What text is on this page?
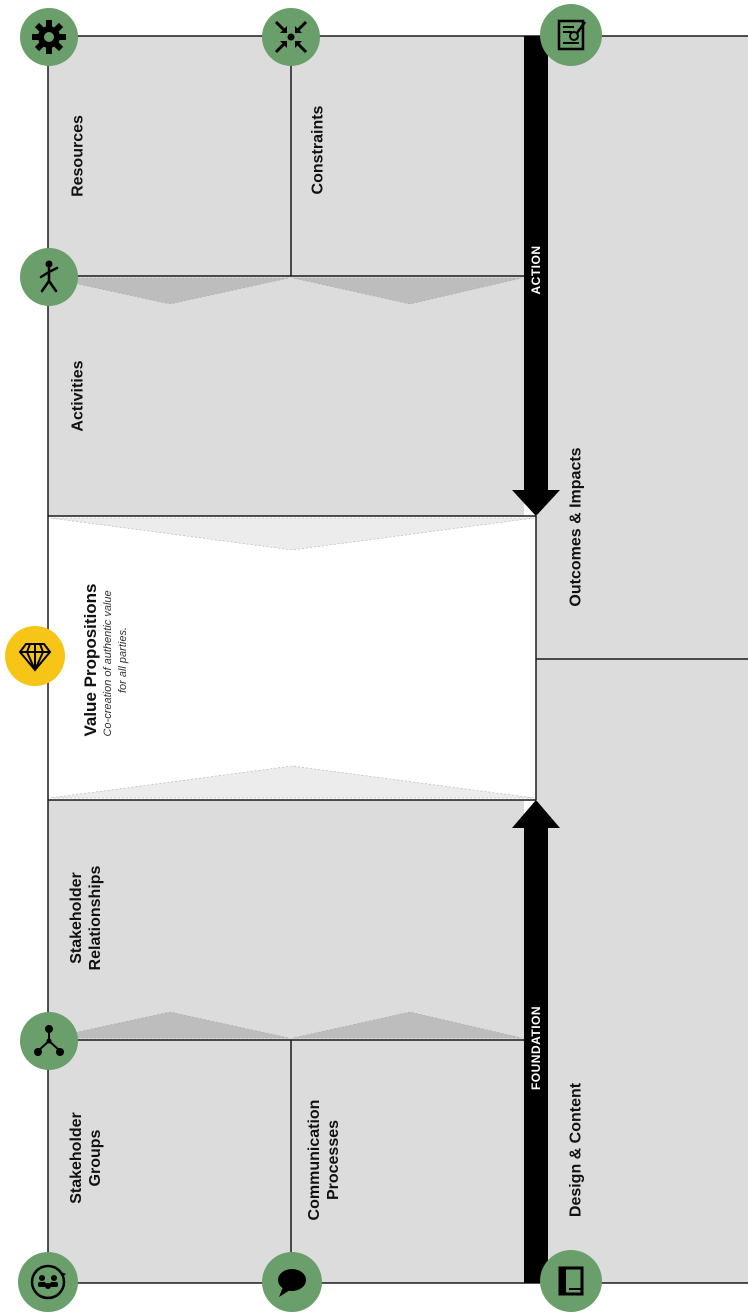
ACTION
FOUNDATION
Resources	Constraints
Activities
Value Propositions Co-creation of authentic value for all parties.
Stakeholder Relationships
Stakeholder Groups	Communication Processes
Outcomes & Impacts
Design & Content
